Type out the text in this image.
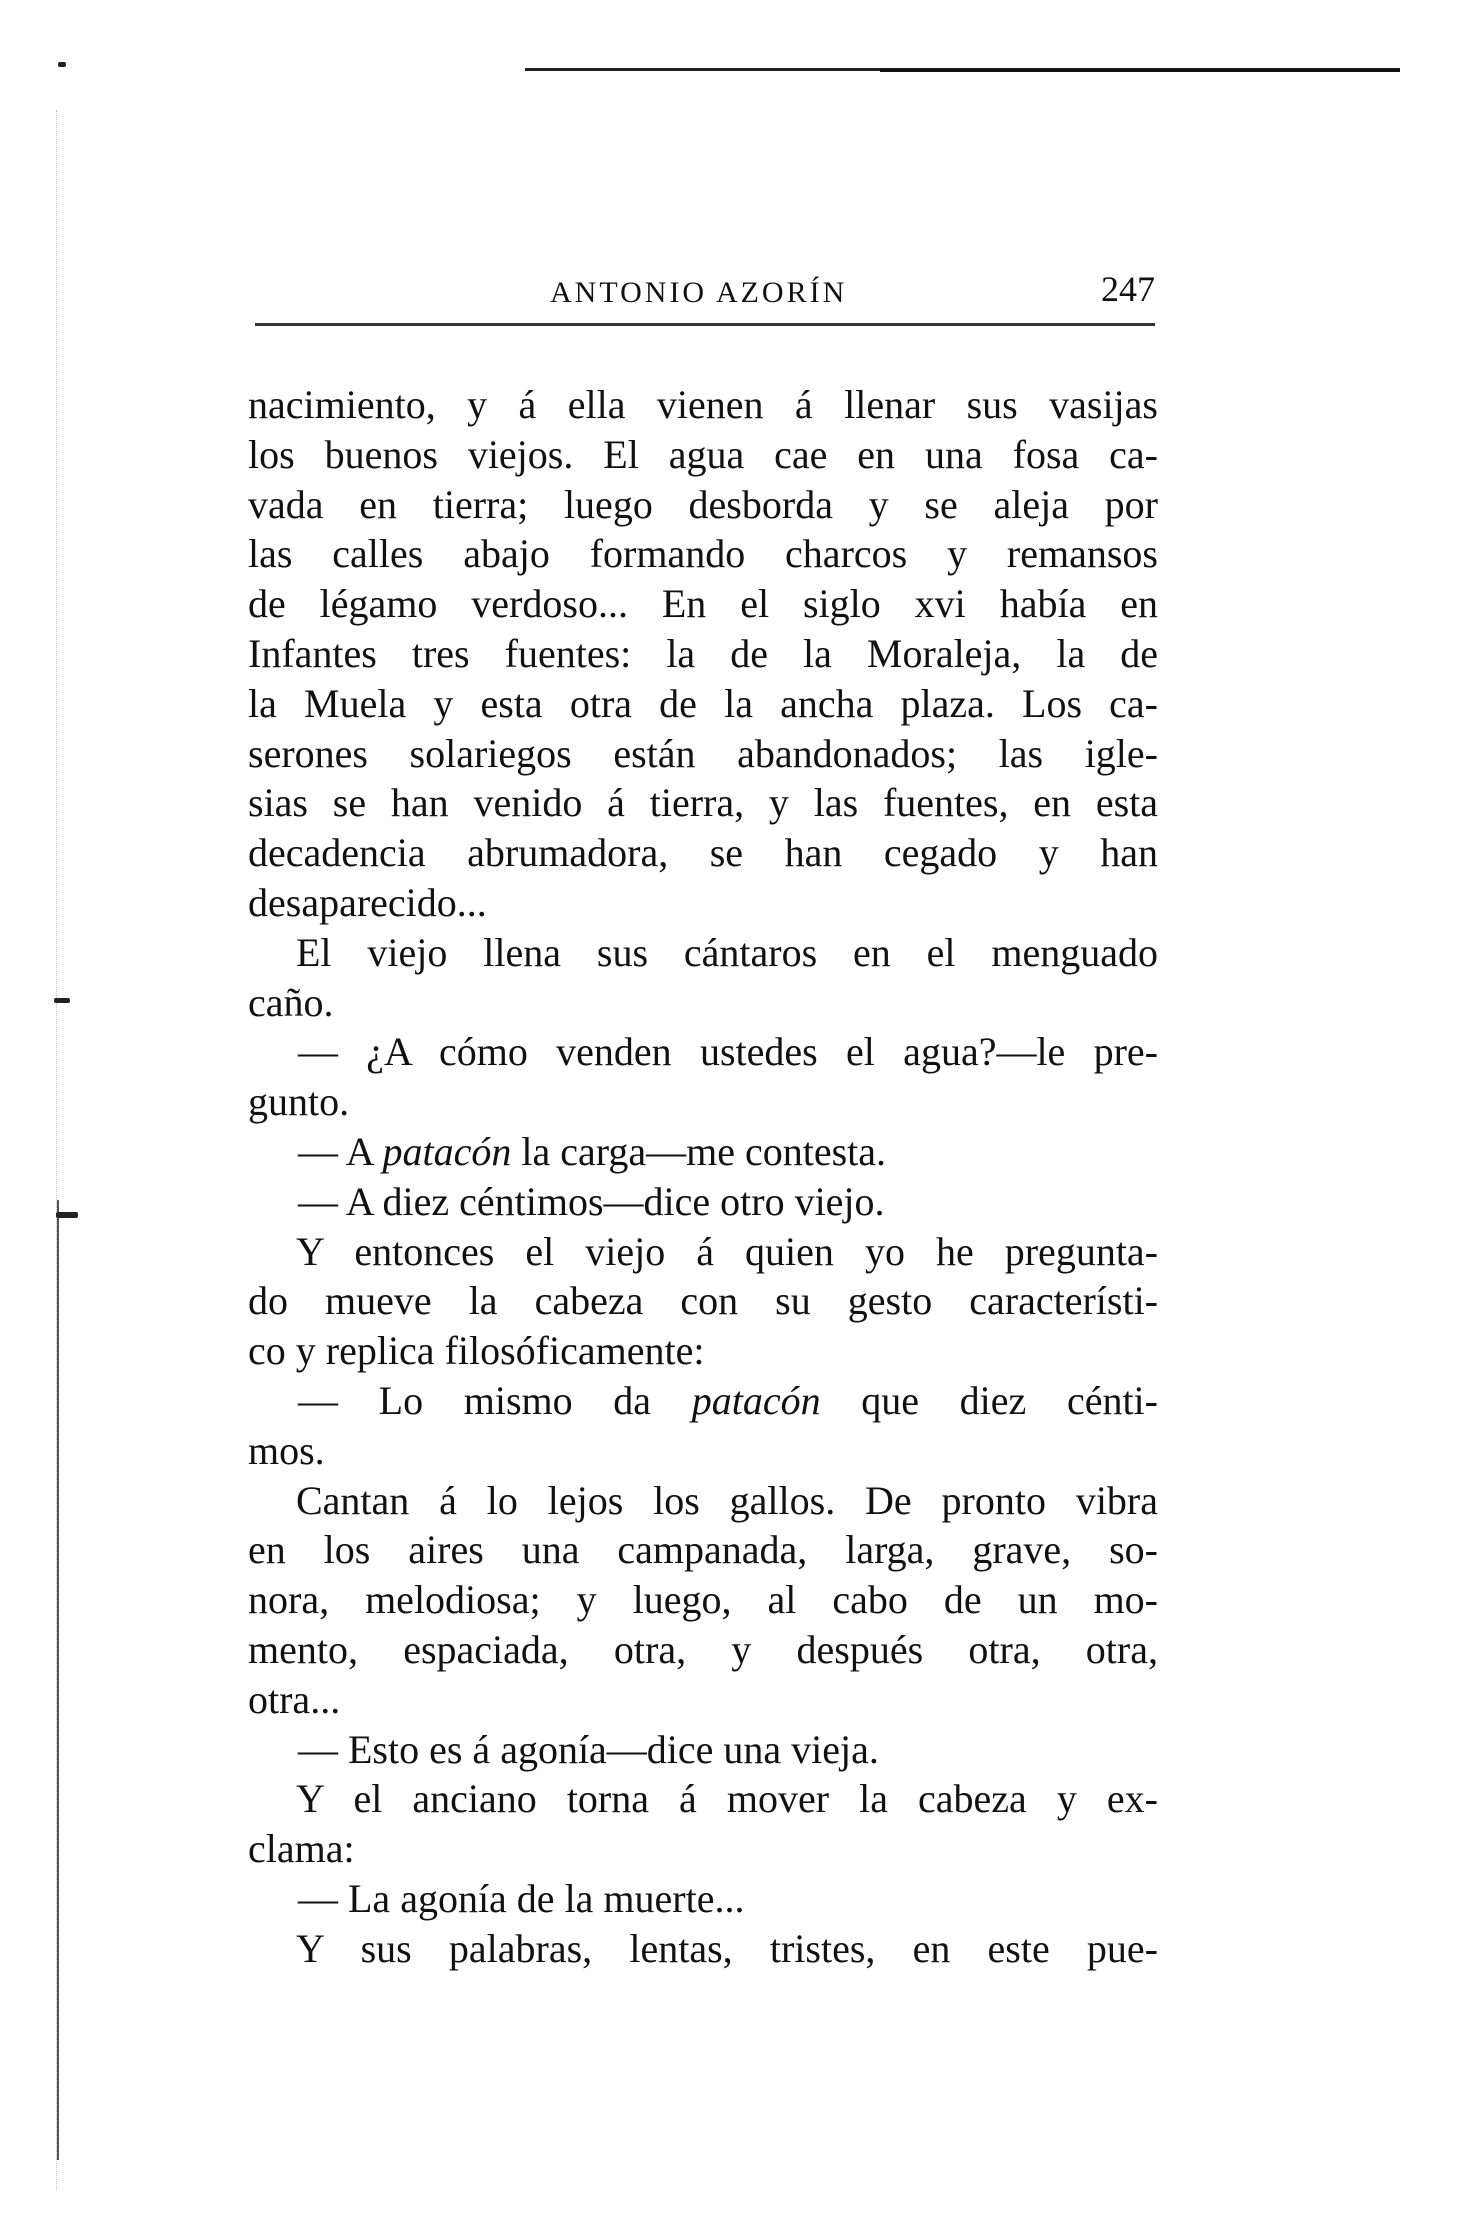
ANTONIO AZORÍN	247
nacimiento, y á ella vienen á llenar sus vasijas
los buenos viejos. El agua cae en una fosa ca-
vada en tierra; luego desborda y se aleja por
las calles abajo formando charcos y remansos
de légamo verdoso... En el siglo xvi había en
Infantes tres fuentes: la de la Moraleja, la de
la Muela y esta otra de la ancha plaza. Los ca-
serones solariegos están abandonados; las igle-
sias se han venido á tierra, y las fuentes, en esta
decadencia abrumadora, se han cegado y han
desaparecido...
El viejo llena sus cántaros en el menguado
caño.
— ¿A cómo venden ustedes el agua?—le pre-
gunto.
— A patacón la carga—me contesta.
— A diez céntimos—dice otro viejo.
Y entonces el viejo á quien yo he pregunta-
do mueve la cabeza con su gesto característi-
co y replica filosóficamente:
— Lo mismo da patacón que diez cénti-
mos.
Cantan á lo lejos los gallos. De pronto vibra
en los aires una campanada, larga, grave, so-
nora, melodiosa; y luego, al cabo de un mo-
mento, espaciada, otra, y después otra, otra,
otra...
— Esto es á agonía—dice una vieja.
Y el anciano torna á mover la cabeza y ex-
clama:
— La agonía de la muerte...
Y sus palabras, lentas, tristes, en este pue-
